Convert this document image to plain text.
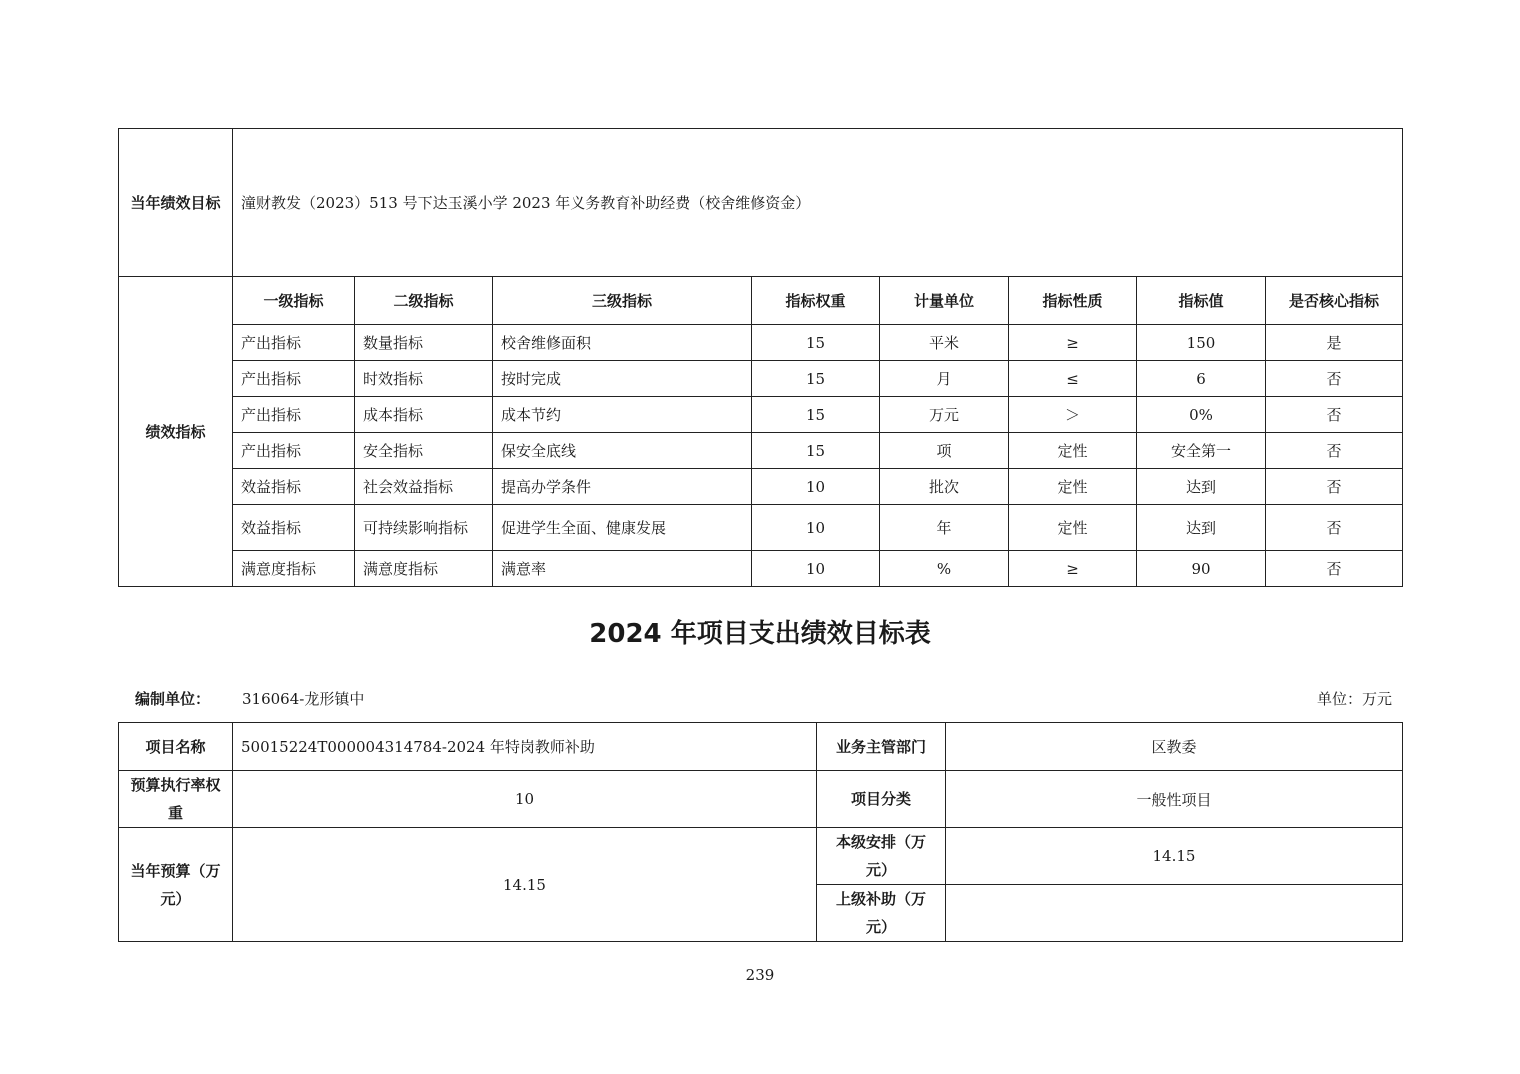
当年绩效目标	潼财教发（2023）513 号下达玉溪小学 2023 年义务教育补助经费（校舍维修资金）							
绩效指标	一级指标	二级指标	三级指标	指标权重	计量单位	指标性质	指标值	是否核心指标
	产出指标	数量指标	校舍维修面积	15	平米	≥	150	是
	产出指标	时效指标	按时完成	15	月	≤	6	否
	产出指标	成本指标	成本节约	15	万元	＞	0%	否
	产出指标	安全指标	保安全底线	15	项	定性	安全第一	否
	效益指标	社会效益指标	提高办学条件	10	批次	定性	达到	否
	效益指标	可持续影响指标	促进学生全面、健康发展	10	年	定性	达到	否
	满意度指标	满意度指标	满意率	10	%	≥	90	否
2024 年项目支出绩效目标表
编制单位： 316064-龙形镇中	单位：万元
项目名称	50015224T000004314784-2024 年特岗教师补助	业务主管部门	区教委
预算执行率权重	10	项目分类	一般性项目
当年预算（万元）	14.15	本级安排（万元）	14.15
		上级补助（万元）	
239
